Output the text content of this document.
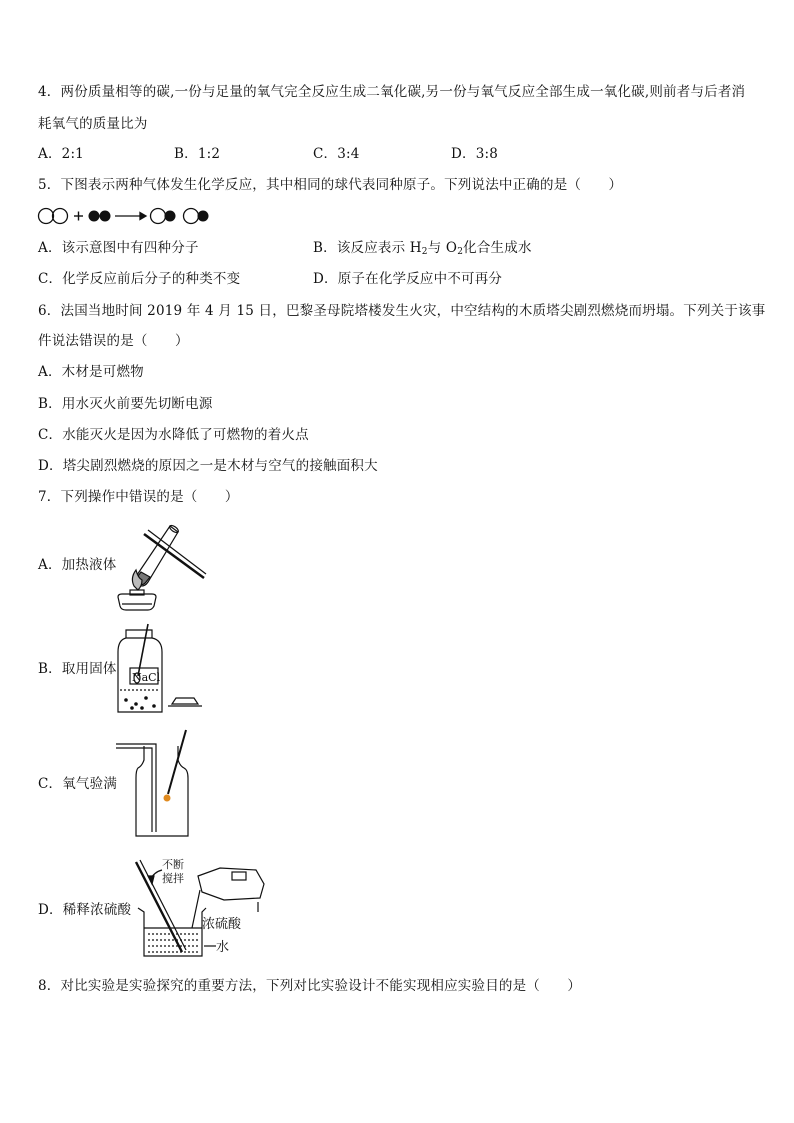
4．两份质量相等的碳,一份与足量的氧气完全反应生成二氧化碳,另一份与氧气反应全部生成一氧化碳,则前者与后者消
耗氧气的质量比为
A．2:1	B．1:2	C．3:4	D．3:8
5．下图表示两种气体发生化学反应，其中相同的球代表同种原子。下列说法中正确的是（　　）
A．该示意图中有四种分子	B．该反应表示 $H_2$与 $O_2$化合生成水
C．化学反应前后分子的种类不变	D．原子在化学反应中不可再分
6．法国当地时间 2019 年 4 月 15 日，巴黎圣母院塔楼发生火灾，中空结构的木质塔尖剧烈燃烧而坍塌。下列关于该事
件说法错误的是（　　）
A．木材是可燃物
B．用水灭火前要先切断电源
C．水能灭火是因为水降低了可燃物的着火点
D．塔尖剧烈燃烧的原因之一是木材与空气的接触面积大
7．下列操作中错误的是（　　）
A．加热液体
B．取用固体
NaCl
C．氧气验满
D．稀释浓硫酸
不断
搅拌
浓硫酸
水
8．对比实验是实验探究的重要方法，下列对比实验设计不能实现相应实验目的是（　　）
